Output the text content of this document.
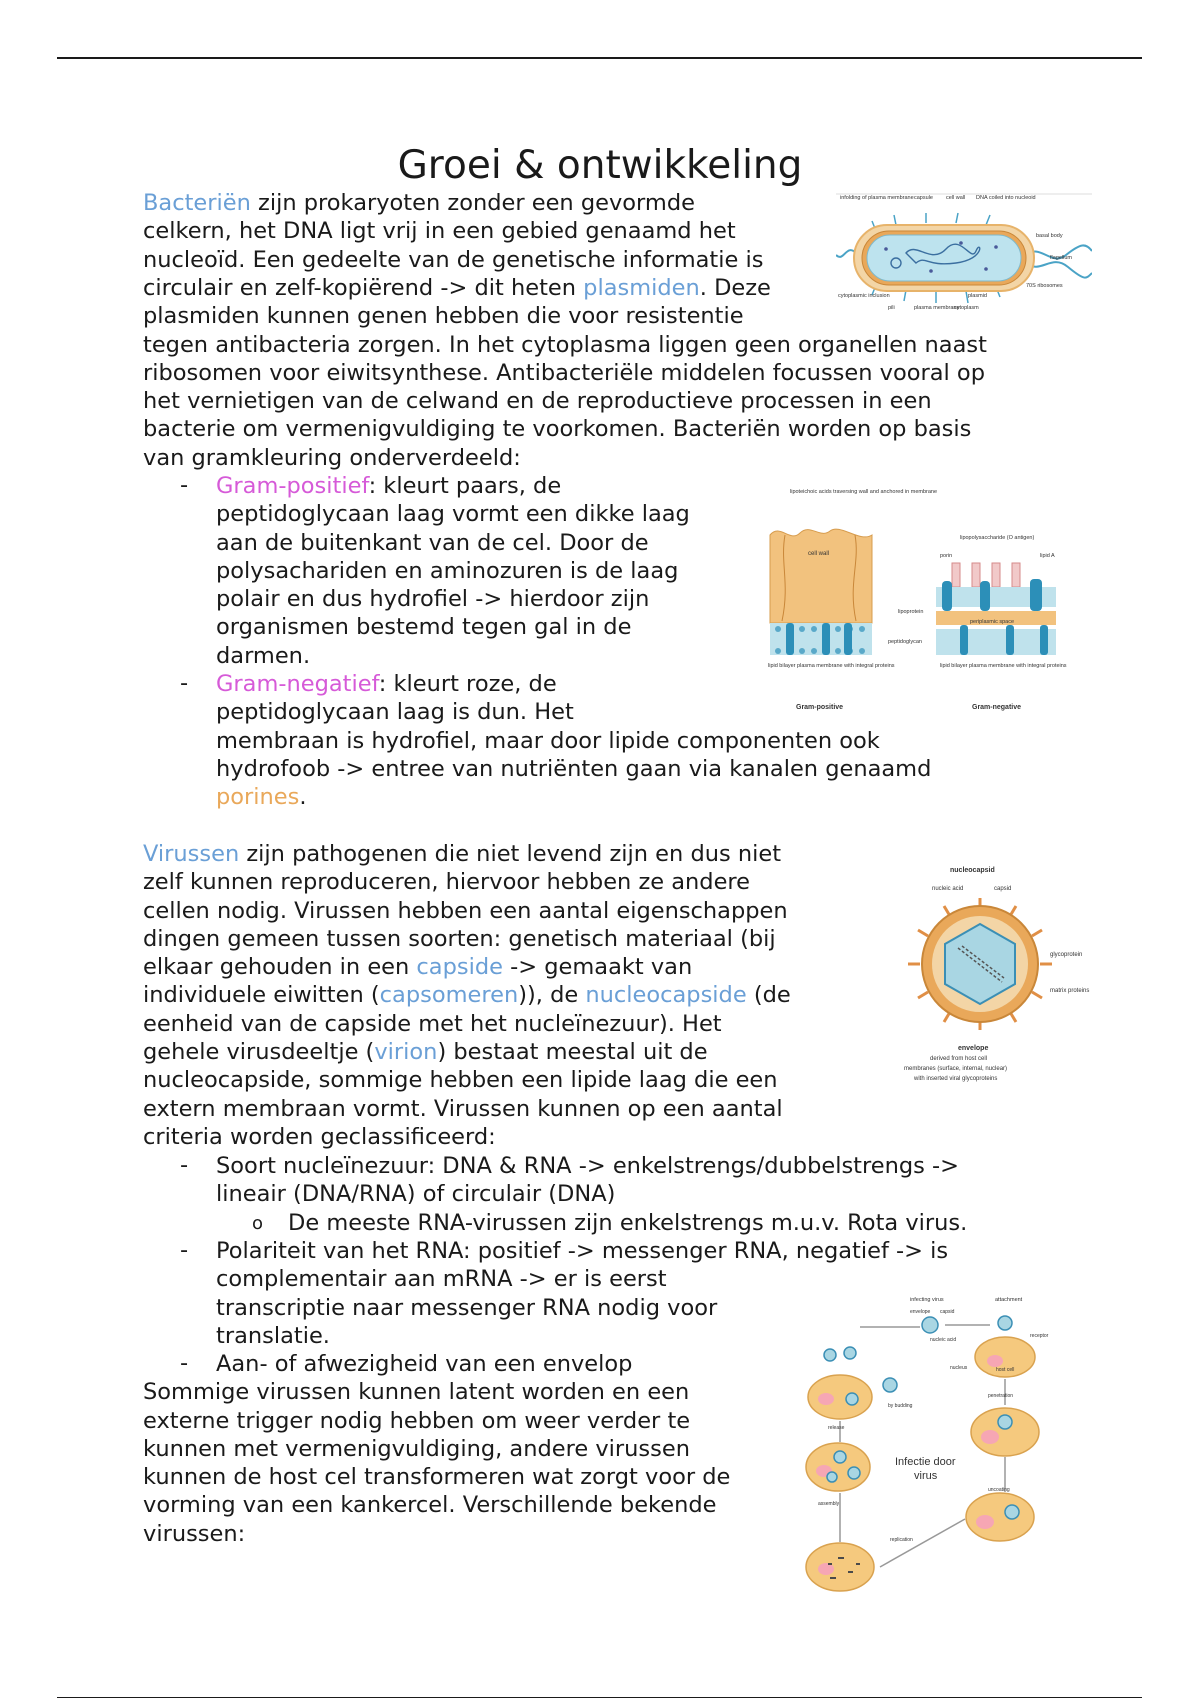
Groei & ontwikkeling
Bacteriën zijn prokaryoten zonder een gevormde
celkern, het DNA ligt vrij in een gebied genaamd het
nucleoïd. Een gedeelte van de genetische informatie is
circulair en zelf-kopiërend -> dit heten plasmiden. Deze
plasmiden kunnen genen hebben die voor resistentie
tegen antibacteria zorgen. In het cytoplasma liggen geen organellen naast
ribosomen voor eiwitsynthese. Antibacteriële middelen focussen vooral op
het vernietigen van de celwand en de reproductieve processen in een
bacterie om vermenigvuldiging te voorkomen. Bacteriën worden op basis
van gramkleuring onderverdeeld:
- Gram-positief: kleurt paars, de
peptidoglycaan laag vormt een dikke laag
aan de buitenkant van de cel. Door de
polysachariden en aminozuren is de laag
polair en dus hydrofiel -> hierdoor zijn
organismen bestemd tegen gal in de
darmen.
- Gram-negatief: kleurt roze, de
peptidoglycaan laag is dun. Het
membraan is hydrofiel, maar door lipide componenten ook
hydrofoob -> entree van nutriënten gaan via kanalen genaamd
porines.
Virussen zijn pathogenen die niet levend zijn en dus niet
zelf kunnen reproduceren, hiervoor hebben ze andere
cellen nodig. Virussen hebben een aantal eigenschappen
dingen gemeen tussen soorten: genetisch materiaal (bij
elkaar gehouden in een capside -> gemaakt van
individuele eiwitten (capsomeren)), de nucleocapside (de
eenheid van de capside met het nucleïnezuur). Het
gehele virusdeeltje (virion) bestaat meestal uit de
nucleocapside, sommige hebben een lipide laag die een
extern membraan vormt. Virussen kunnen op een aantal
criteria worden geclassificeerd:
- Soort nucleïnezuur: DNA & RNA -> enkelstrengs/dubbelstrengs ->
lineair (DNA/RNA) of circulair (DNA)
o De meeste RNA-virussen zijn enkelstrengs m.u.v. Rota virus.
- Polariteit van het RNA: positief -> messenger RNA, negatief -> is
complementair aan mRNA -> er is eerst
transcriptie naar messenger RNA nodig voor
translatie.
- Aan- of afwezigheid van een envelop
Sommige virussen kunnen latent worden en een
externe trigger nodig hebben om weer verder te
kunnen met vermenigvuldiging, andere virussen
kunnen de host cel transformeren wat zorgt voor de
vorming van een kankercel. Verschillende bekende
virussen:
infolding of plasma membrane capsule cell wall DNA coiled into nucleoid
basal body
flagellum
cytoplasmic inclusion
pili	plasma membrane
70S ribosomes
plasmid
cytoplasm
lipoteichoic acids traversing wall and anchored in membrane
cell wall
lipopolysaccharide (O antigen)
porin	lipid A
lipoprotein
periplasmic space
peptidoglycan
lipid bilayer plasma membrane with integral proteins	lipid bilayer plasma membrane with integral proteins
Gram-positive	Gram-negative
nucleocapsid
nucleic acid	capsid
glycoprotein
matrix proteins
envelope
derived from host cell
membranes (surface, internal, nuclear)
with inserted viral glycoproteins
infecting virus	attachment
envelope capsid
nucleic acid
receptor
host cell
nucleus
by budding
penetration
release
uncoating
assembly
replication
Infectie door
virus
